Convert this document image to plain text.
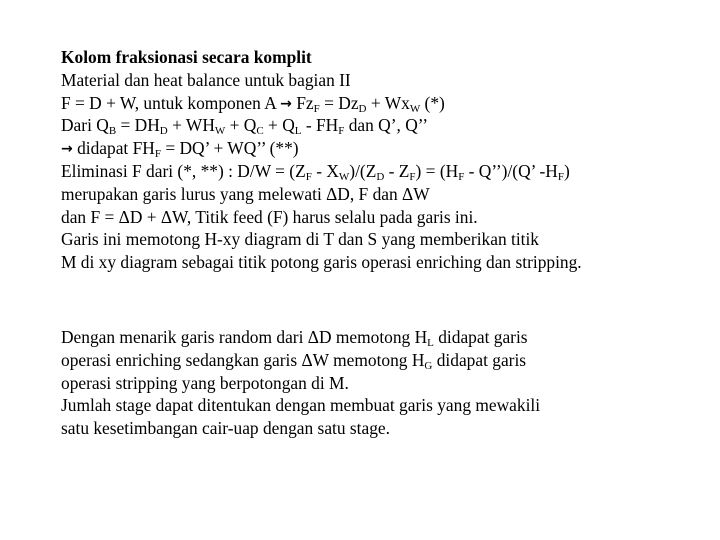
Kolom fraksionasi secara komplit
Material dan heat balance untuk bagian II
F = D + W, untuk komponen $A \to Fz_F = Dz_D + Wx_W$ (*)
Dari $Q_B = DH_D + WH_W + Q_C + Q_L - FH_F$ dan Q’, Q’’
→ didapat $FH_F$ = DQ’ + WQ’’ (**)
Eliminasi F dari (*, **) : $D/W = (Z_F - X_W)/(Z_D - Z_F) = (H_F$ - Q’’)/(Q’ $-H_F$)
merupakan garis lurus yang melewati ΔD, F dan ΔW
dan F = ΔD + ΔW, Titik feed (F) harus selalu pada garis ini.
Garis ini memotong H-xy diagram di T dan S yang memberikan titik
M di xy diagram sebagai titik potong garis operasi enriching dan stripping.
Dengan menarik garis random dari ΔD memotong $H_L$ didapat garis
operasi enriching sedangkan garis ΔW memotong $H_G$ didapat garis
operasi stripping yang berpotongan di M.
Jumlah stage dapat ditentukan dengan membuat garis yang mewakili
satu kesetimbangan cair-uap dengan satu stage.
